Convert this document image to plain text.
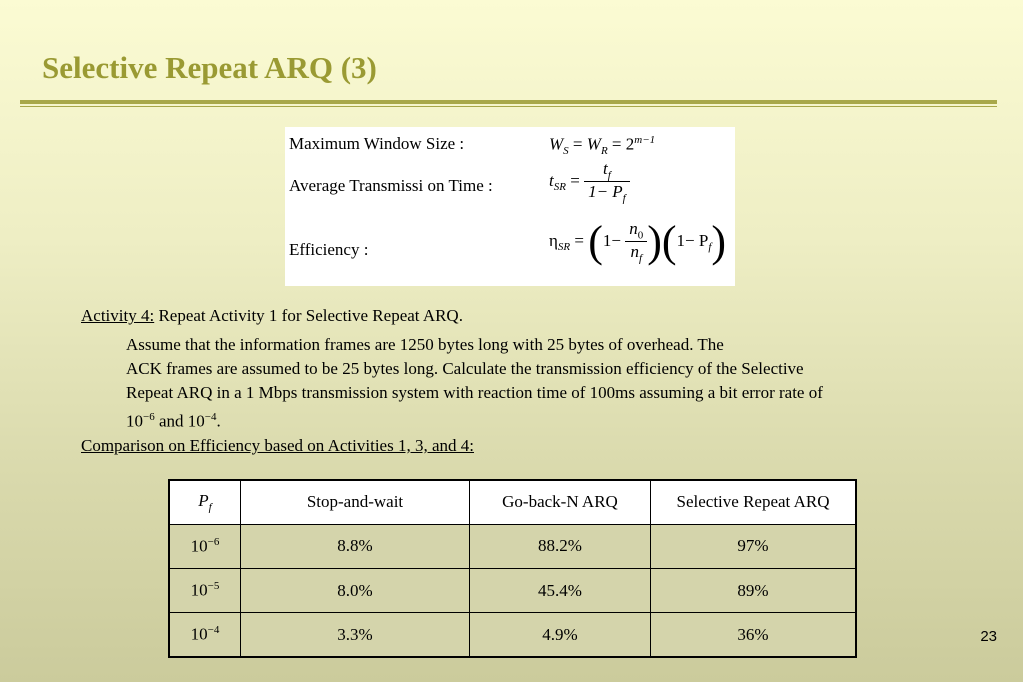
Selective Repeat ARQ (3)
Maximum Window Size :	$W_S = W_R = 2^{m-1}$
Average Transmissi on Time :	$t_{SR} = \frac{t_f}{1- P_f}$
Efficiency :	$\eta_{SR} = (1- \frac{n_0}{n_f} )(1- P_f)$
Activity 4: Repeat Activity 1 for Selective Repeat ARQ.
Assume that the information frames are 1250 bytes long with 25 bytes of overhead. The
ACK frames are assumed to be 25 bytes long. Calculate the transmission efficiency of the Selective
Repeat ARQ in a 1 Mbps transmission system with reaction time of 100ms assuming a bit error rate of
$10^{-6}$ and $10^{-4}$.
Comparison on Efficiency based on Activities 1, 3, and 4:
$P_f$	Stop-and-wait	Go-back-N ARQ	Selective Repeat ARQ
$10^{-6}$	8.8%	88.2%	97%
$10^{-5}$	8.0%	45.4%	89%
$10^{-4}$	3.3%	4.9%	36%	23
